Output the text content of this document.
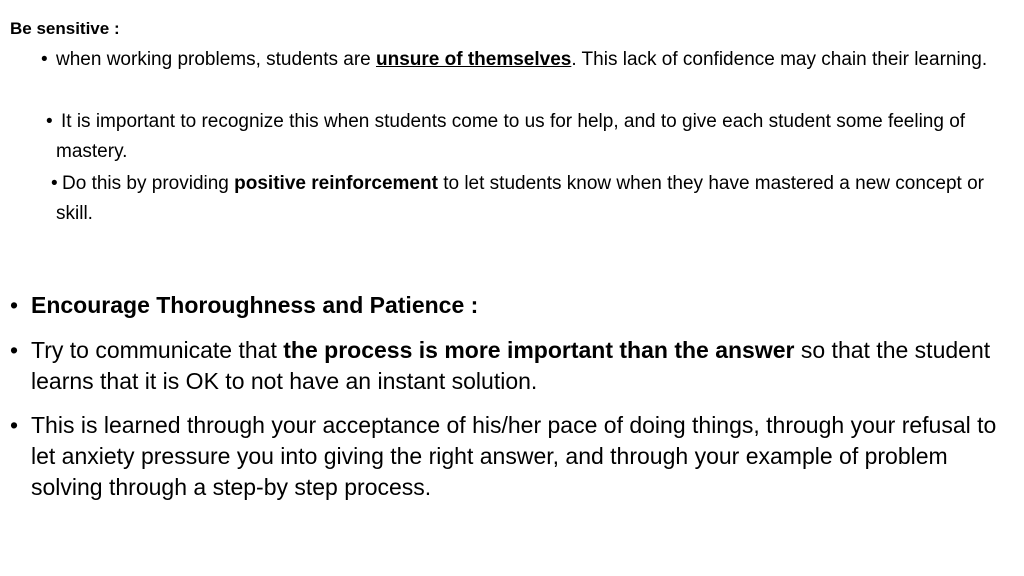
Be sensitive :
• when working problems, students are unsure of themselves. This lack of confidence may chain their learning.
• It is important to recognize this when students come to us for help, and to give each student some feeling of mastery.
• Do this by providing positive reinforcement to let students know when they have mastered a new concept or skill.
• Encourage Thoroughness and Patience :
• Try to communicate that the process is more important than the answer so that the student learns that it is OK to not have an instant solution.
• This is learned through your acceptance of his/her pace of doing things, through your refusal to let anxiety pressure you into giving the right answer, and through your example of problem solving through a step-by step process.
